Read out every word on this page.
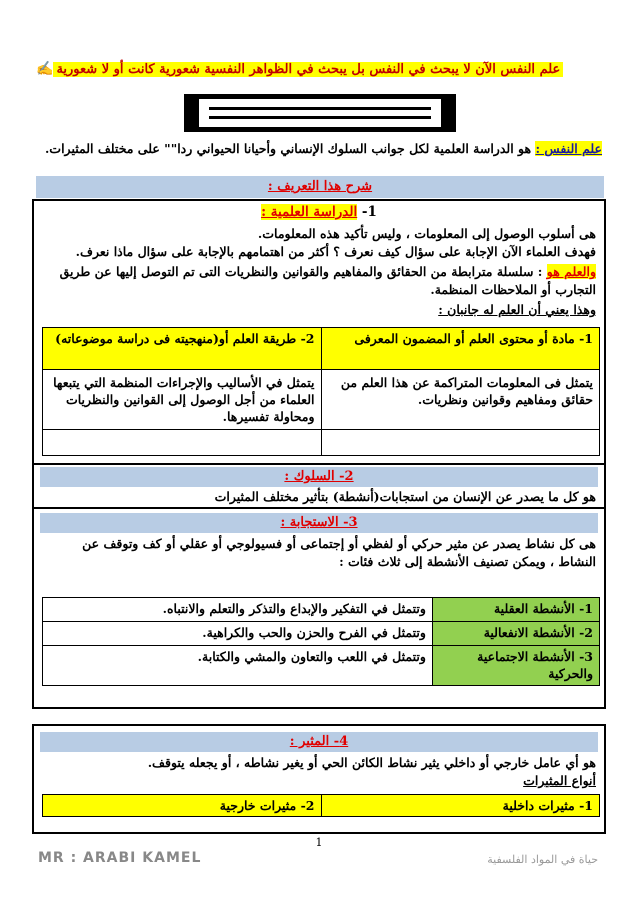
علم النفس الآن لا يبحث في النفس بل يبحث في الظواهر النفسية شعورية كانت أو لا شعورية
✍
علم النفس : هو الدراسة العلمية لكل جوانب السلوك الإنساني وأحيانا الحيواني ردا"" على مختلف المثيرات.
شرح هذا التعريف :
1- الدراسة العلمية :
هى أسلوب الوصول إلى المعلومات ، وليس تأكيد هذه المعلومات.
فهدف العلماء الآن الإجابة على سؤال كيف نعرف ؟ أكثر من اهتمامهم بالإجابة على سؤال ماذا نعرف.
والعلم هو : سلسلة مترابطة من الحقائق والمفاهيم والقوانين والنظريات التى تم التوصل إليها عن طريق التجارب أو الملاحظات المنظمة.
وهذا يعني أن العلم له جانبان :
1- مادة أو محتوى العلم أو المضمون المعرفى	2- طريقة العلم أو(منهجيته فى دراسة موضوعاته)
يتمثل فى المعلومات المتراكمة عن هذا العلم من حقائق ومفاهيم وقوانين ونظريات.	يتمثل في الأساليب والإجراءات المنظمة التي يتبعها العلماء من أجل الوصول إلى القوانين والنظريات ومحاولة تفسيرها.

2- السلوك :
هو كل ما يصدر عن الإنسان من استجابات(أنشطة) بتأثير مختلف المثيرات
3- الاستجابة :
هى كل نشاط يصدر عن مثير حركي أو لفظي أو إجتماعى أو فسيولوجي أو عقلي أو كف وتوقف عن النشاط ، ويمكن تصنيف الأنشطة إلى ثلاث فئات :
1- الأنشطة العقلية	وتتمثل في التفكير والإبداع والتذكر والتعلم والانتباه.
2- الأنشطة الانفعالية	وتتمثل في الفرح والحزن والحب والكراهية.
3- الأنشطة الاجتماعية والحركية	وتتمثل في اللعب والتعاون والمشي والكتابة.
4- المثير :
هو أي عامل خارجي أو داخلي يثير نشاط الكائن الحي أو يغير نشاطه ، أو يجعله يتوقف.
أنواع المثيرات
1- مثيرات داخلية	2- مثيرات خارجية
1
MR : ARABI KAMEL	حياة في المواد الفلسفية
